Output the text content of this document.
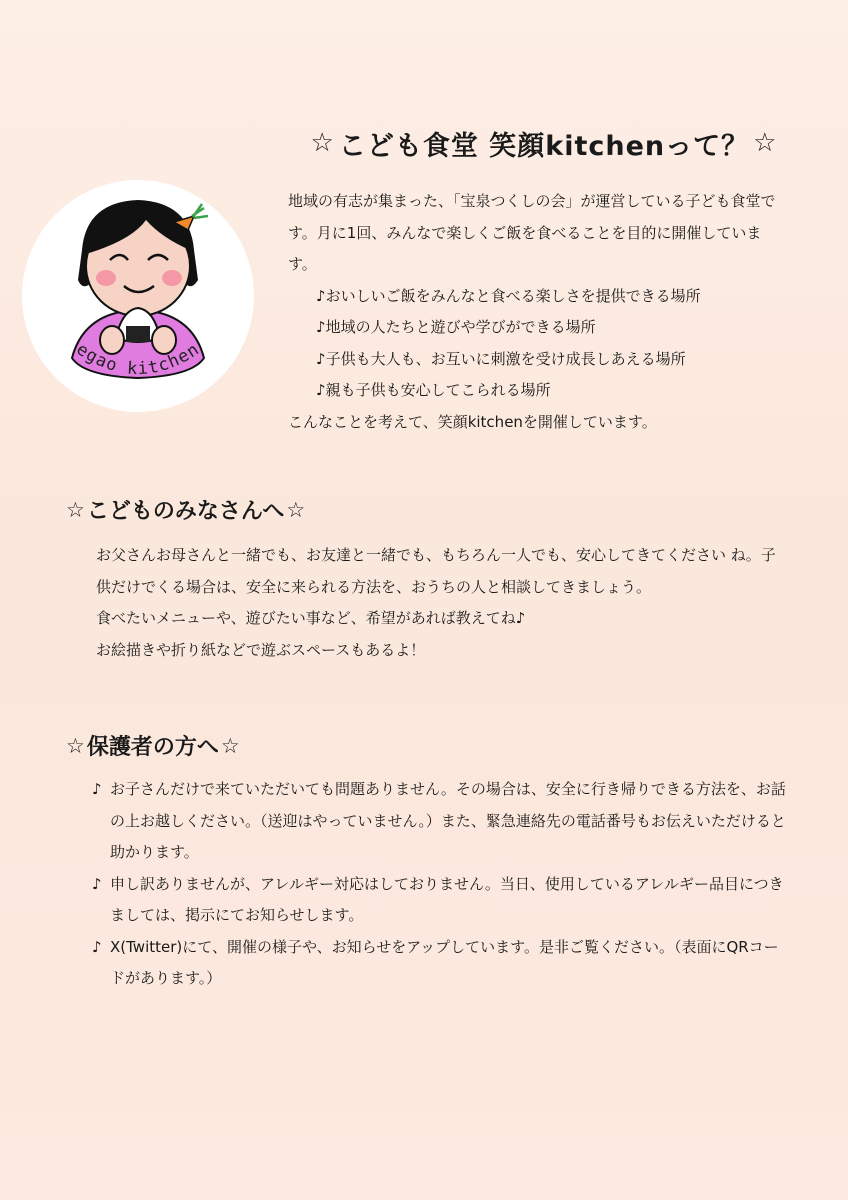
egao kitchen
☆ こども食堂 笑顔kitchenって？ ☆

地域の有志が集まった、「宝泉つくしの会」が運営している子ども食堂です。月に1回、みんなで楽しくご飯を食べることを目的に開催しています。

♪おいしいご飯をみんなと食べる楽しさを提供できる場所
♪地域の人たちと遊びや学びができる場所
♪子供も大人も、お互いに刺激を受け成長しあえる場所
♪親も子供も安心してこられる場所

こんなことを考えて、笑顔kitchenを開催しています。

☆ こどものみなさんへ ☆

お父さんお母さんと一緒でも、お友達と一緒でも、もちろん一人でも、安心してきてください ね。子供だけでくる場合は、安全に来られる方法を、おうちの人と相談してきましょう。

食べたいメニューや、遊びたい事など、希望があれば教えてね♪

お絵描きや折り紙などで遊ぶスペースもあるよ！

☆ 保護者の方へ ☆
♪ お子さんだけで来ていただいても問題ありません。その場合は、安全に行き帰りできる方法を、お話の上お越しください。（送迎はやっていません。）また、緊急連絡先の電話番号もお伝えいただけると助かります。
♪ 申し訳ありませんが、アレルギー対応はしておりません。当日、使用しているアレルギー品目につきましては、掲示にてお知らせします。
♪ X(Twitter)にて、開催の様子や、お知らせをアップしています。是非ご覧ください。（表面にQRコードがあります。）
